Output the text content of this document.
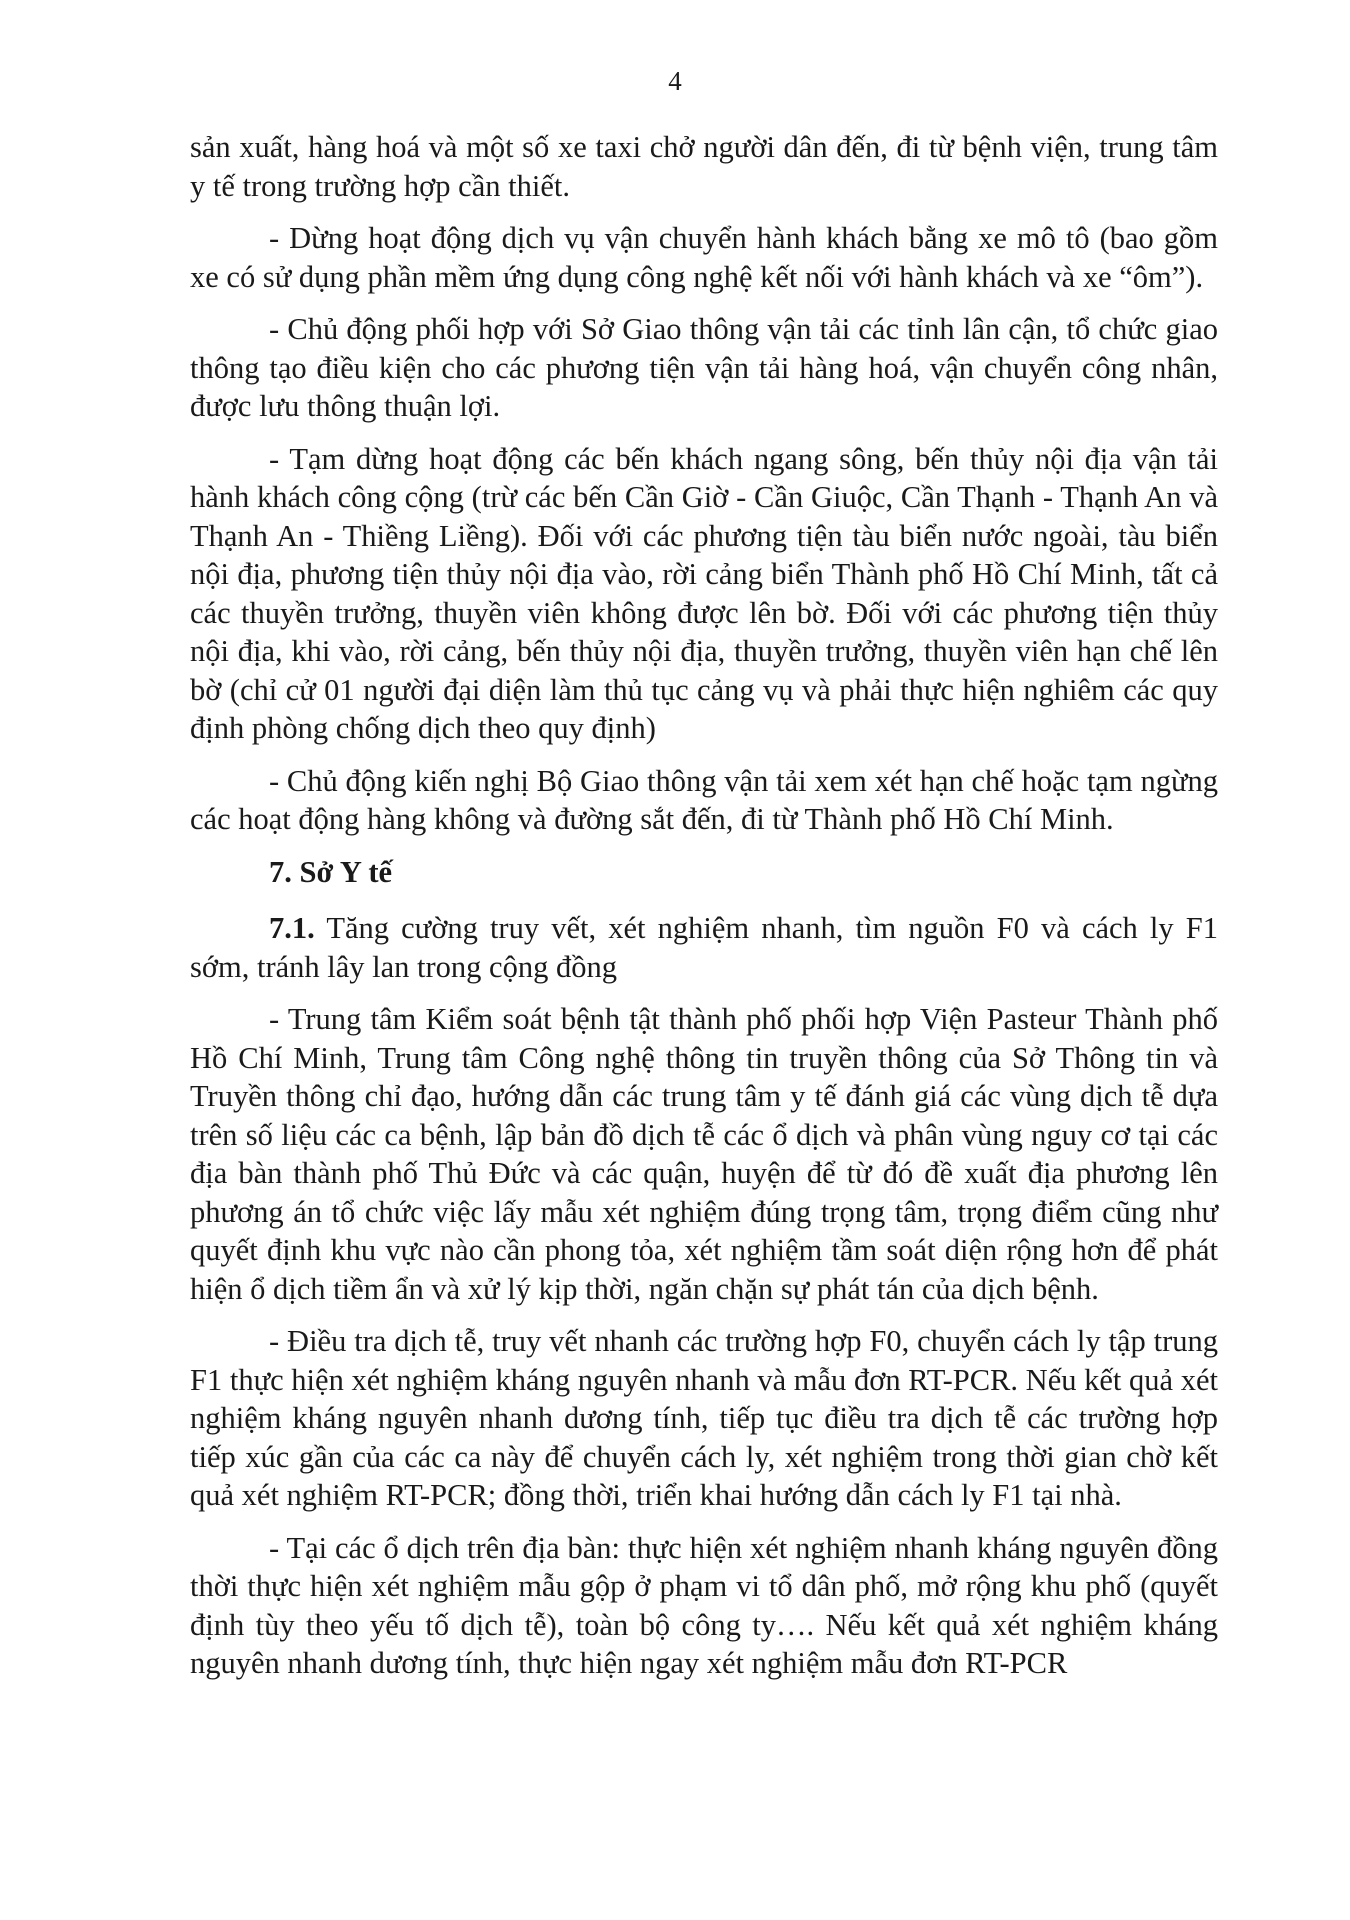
4

sản xuất, hàng hoá và một số xe taxi chở người dân đến, đi từ bệnh viện, trung tâm y tế trong trường hợp cần thiết.

- Dừng hoạt động dịch vụ vận chuyển hành khách bằng xe mô tô (bao gồm xe có sử dụng phần mềm ứng dụng công nghệ kết nối với hành khách và xe “ôm”).

- Chủ động phối hợp với Sở Giao thông vận tải các tỉnh lân cận, tổ chức giao thông tạo điều kiện cho các phương tiện vận tải hàng hoá, vận chuyển công nhân, được lưu thông thuận lợi.

- Tạm dừng hoạt động các bến khách ngang sông, bến thủy nội địa vận tải hành khách công cộng (trừ các bến Cần Giờ - Cần Giuộc, Cần Thạnh - Thạnh An và Thạnh An - Thiềng Liềng). Đối với các phương tiện tàu biển nước ngoài, tàu biển nội địa, phương tiện thủy nội địa vào, rời cảng biển Thành phố Hồ Chí Minh, tất cả các thuyền trưởng, thuyền viên không được lên bờ. Đối với các phương tiện thủy nội địa, khi vào, rời cảng, bến thủy nội địa, thuyền trưởng, thuyền viên hạn chế lên bờ (chỉ cử 01 người đại diện làm thủ tục cảng vụ và phải thực hiện nghiêm các quy định phòng chống dịch theo quy định)

- Chủ động kiến nghị Bộ Giao thông vận tải xem xét hạn chế hoặc tạm ngừng các hoạt động hàng không và đường sắt đến, đi từ Thành phố Hồ Chí Minh.

7. Sở Y tế

7.1. Tăng cường truy vết, xét nghiệm nhanh, tìm nguồn F0 và cách ly F1 sớm, tránh lây lan trong cộng đồng

- Trung tâm Kiểm soát bệnh tật thành phố phối hợp Viện Pasteur Thành phố Hồ Chí Minh, Trung tâm Công nghệ thông tin truyền thông của Sở Thông tin và Truyền thông chỉ đạo, hướng dẫn các trung tâm y tế đánh giá các vùng dịch tễ dựa trên số liệu các ca bệnh, lập bản đồ dịch tễ các ổ dịch và phân vùng nguy cơ tại các địa bàn thành phố Thủ Đức và các quận, huyện để từ đó đề xuất địa phương lên phương án tổ chức việc lấy mẫu xét nghiệm đúng trọng tâm, trọng điểm cũng như quyết định khu vực nào cần phong tỏa, xét nghiệm tầm soát diện rộng hơn để phát hiện ổ dịch tiềm ẩn và xử lý kịp thời, ngăn chặn sự phát tán của dịch bệnh.

- Điều tra dịch tễ, truy vết nhanh các trường hợp F0, chuyển cách ly tập trung F1 thực hiện xét nghiệm kháng nguyên nhanh và mẫu đơn RT-PCR. Nếu kết quả xét nghiệm kháng nguyên nhanh dương tính, tiếp tục điều tra dịch tễ các trường hợp tiếp xúc gần của các ca này để chuyển cách ly, xét nghiệm trong thời gian chờ kết quả xét nghiệm RT-PCR; đồng thời, triển khai hướng dẫn cách ly F1 tại nhà.

- Tại các ổ dịch trên địa bàn: thực hiện xét nghiệm nhanh kháng nguyên đồng thời thực hiện xét nghiệm mẫu gộp ở phạm vi tổ dân phố, mở rộng khu phố (quyết định tùy theo yếu tố dịch tễ), toàn bộ công ty…. Nếu kết quả xét nghiệm kháng nguyên nhanh dương tính, thực hiện ngay xét nghiệm mẫu đơn RT-PCR
